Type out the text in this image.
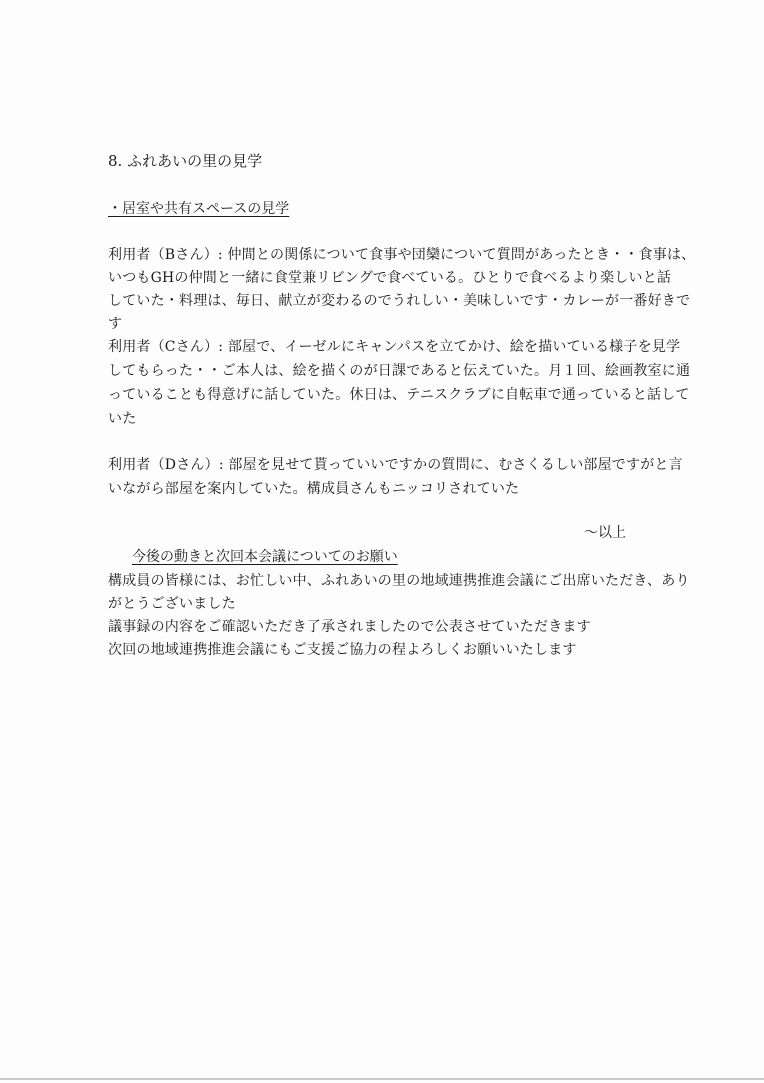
8. ふれあいの里の見学
・居室や共有スペースの見学
利用者（Bさん）: 仲間との関係について食事や団欒について質問があったとき・・食事は、
いつもGHの仲間と一緒に食堂兼リビングで食べている。ひとりで食べるより楽しいと話
していた・料理は、毎日、献立が変わるのでうれしい・美味しいです・カレーが一番好きで
す
利用者（Cさん）: 部屋で、イーゼルにキャンパスを立てかけ、絵を描いている様子を見学
してもらった・・ご本人は、絵を描くのが日課であると伝えていた。月１回、絵画教室に通
っていることも得意げに話していた。休日は、テニスクラブに自転車で通っていると話して
いた
利用者（Dさん）: 部屋を見せて貰っていいですかの質問に、むさくるしい部屋ですがと言
いながら部屋を案内していた。構成員さんもニッコリされていた
～以上
今後の動きと次回本会議についてのお願い
構成員の皆様には、お忙しい中、ふれあいの里の地域連携推進会議にご出席いただき、あり
がとうございました
議事録の内容をご確認いただき了承されましたので公表させていただきます
次回の地域連携推進会議にもご支援ご協力の程よろしくお願いいたします
